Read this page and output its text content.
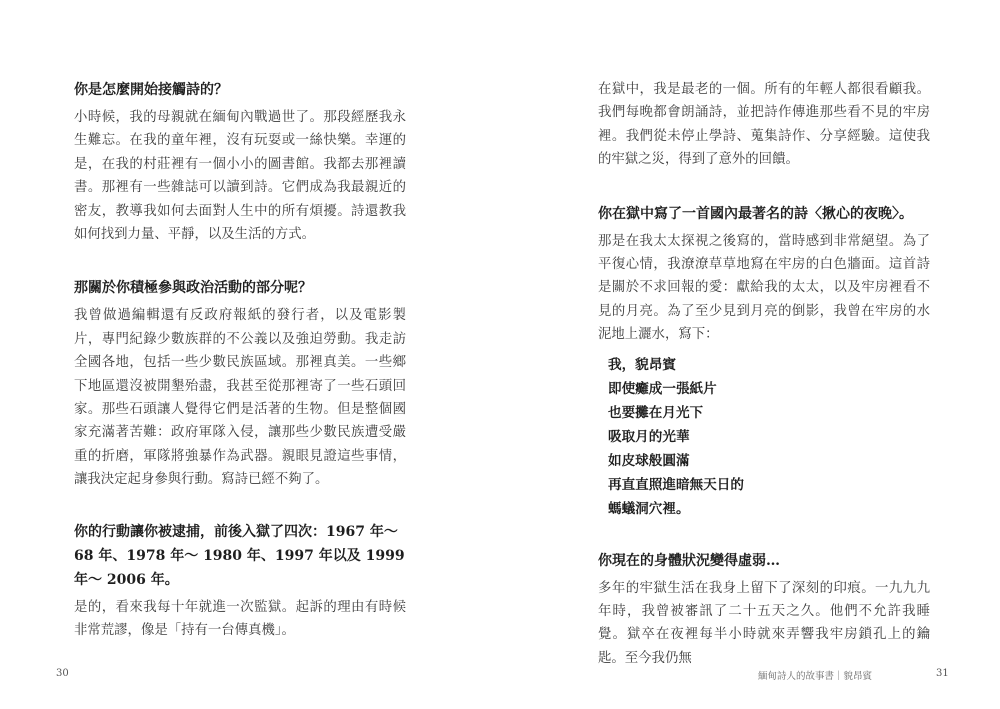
你是怎麼開始接觸詩的？

小時候，我的母親就在緬甸內戰過世了。那段經歷我永生難忘。在我的童年裡，沒有玩耍或一絲快樂。幸運的是，在我的村莊裡有一個小小的圖書館。我都去那裡讀書。那裡有一些雜誌可以讀到詩。它們成為我最親近的密友，教導我如何去面對人生中的所有煩擾。詩還教我如何找到力量、平靜，以及生活的方式。

那關於你積極參與政治活動的部分呢？

我曾做過編輯還有反政府報紙的發行者，以及電影製片，專門紀錄少數族群的不公義以及強迫勞動。我走訪全國各地，包括一些少數民族區域。那裡真美。一些鄉下地區還沒被開墾殆盡，我甚至從那裡寄了一些石頭回家。那些石頭讓人覺得它們是活著的生物。但是整個國家充滿著苦難：政府軍隊入侵，讓那些少數民族遭受嚴重的折磨，軍隊將強暴作為武器。親眼見證這些事情，讓我決定起身參與行動。寫詩已經不夠了。

你的行動讓你被逮捕，前後入獄了四次：1967 年～ 68 年、1978 年～ 1980 年、1997 年以及 1999 年～ 2006 年。

是的，看來我每十年就進一次監獄。起訴的理由有時候非常荒謬，像是「持有一台傳真機」。

30

在獄中，我是最老的一個。所有的年輕人都很看顧我。我們每晚都會朗誦詩，並把詩作傳進那些看不見的牢房裡。我們從未停止學詩、蒐集詩作、分享經驗。這使我的牢獄之災，得到了意外的回饋。

你在獄中寫了一首國內最著名的詩〈揪心的夜晚〉。

那是在我太太探視之後寫的，當時感到非常絕望。為了平復心情，我潦潦草草地寫在牢房的白色牆面。這首詩是關於不求回報的愛：獻給我的太太，以及牢房裡看不見的月亮。為了至少見到月亮的倒影，我曾在牢房的水泥地上灑水，寫下：

我，貌昂賓
即使癱成一張紙片
也要攤在月光下
吸取月的光華
如皮球般圓滿
再直直照進暗無天日的
螞蟻洞穴裡。

你現在的身體狀況變得虛弱…

多年的牢獄生活在我身上留下了深刻的印痕。一九九九年時，我曾被審訊了二十五天之久。他們不允許我睡覺。獄卒在夜裡每半小時就來弄響我牢房鎖孔上的鑰匙。至今我仍無

緬甸詩人的故事書｜貌昂賓	31
